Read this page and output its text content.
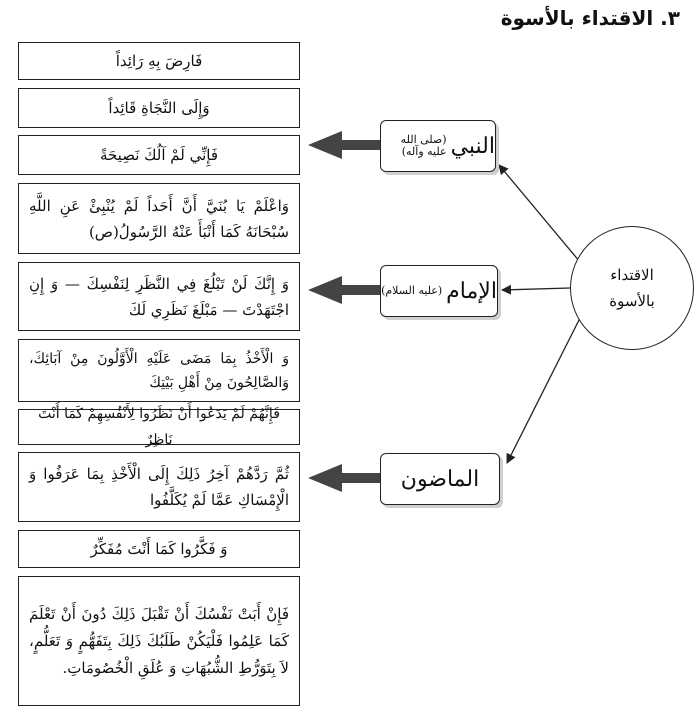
٣. الاقتداء بالأسوة
فَارِضَ بِهِ رَائِداً
وَإِلَى النَّجَاةِ قَائِداً
فَإِنِّي لَمْ آلُكَ نَصِيحَةً
وَاعْلَمْ يَا بُنَيَّ أَنَّ أَحَداً لَمْ يُنْبِئْ عَنِ اللَّهِ سُبْحَانَهُ كَمَا أَنْبَأَ عَنْهُ الرَّسُولُ(ص)
وَ إِنَّكَ لَنْ تَبْلُغَ فِي النَّظَرِ لِنَفْسِكَ — وَ إِنِ اجْتَهَدْتَ — مَبْلَغَ نَظَرِي لَكَ
وَ الْأَخْذُ بِمَا مَضَى عَلَيْهِ الْأَوَّلُونَ مِنْ آبَائِكَ، وَالصَّالِحُونَ مِنْ أَهْلِ بَيْتِكَ
فَإِنَّهُمْ لَمْ يَدَعُوا أَنْ نَظَرُوا لِأَنْفُسِهِمْ كَمَا أَنْتَ نَاظِرٌ
ثُمَّ رَدَّهُمْ آخِرُ ذَلِكَ إِلَى الْأَخْذِ بِمَا عَرَفُوا وَ الْإِمْسَاكِ عَمَّا لَمْ يُكَلَّفُوا
وَ فَكَّرُوا كَمَا أَنْتَ مُفَكِّرٌ
فَإِنْ أَبَتْ نَفْسُكَ أَنْ تَقْبَلَ ذَلِكَ دُونَ أَنْ تَعْلَمَ كَمَا عَلِمُوا فَلْيَكُنْ طَلَبُكَ ذَلِكَ بِتَفَهُّمٍ وَ تَعَلُّمٍ، لاَ بِتَوَرُّطِ الشُّبُهَاتِ وَ عُلَقِ الْخُصُومَاتِ.
النبي
(صلى الله عليه وآله)
الإمام
(عليه السلام)
الماضون
الاقتداء
بالأسوة
